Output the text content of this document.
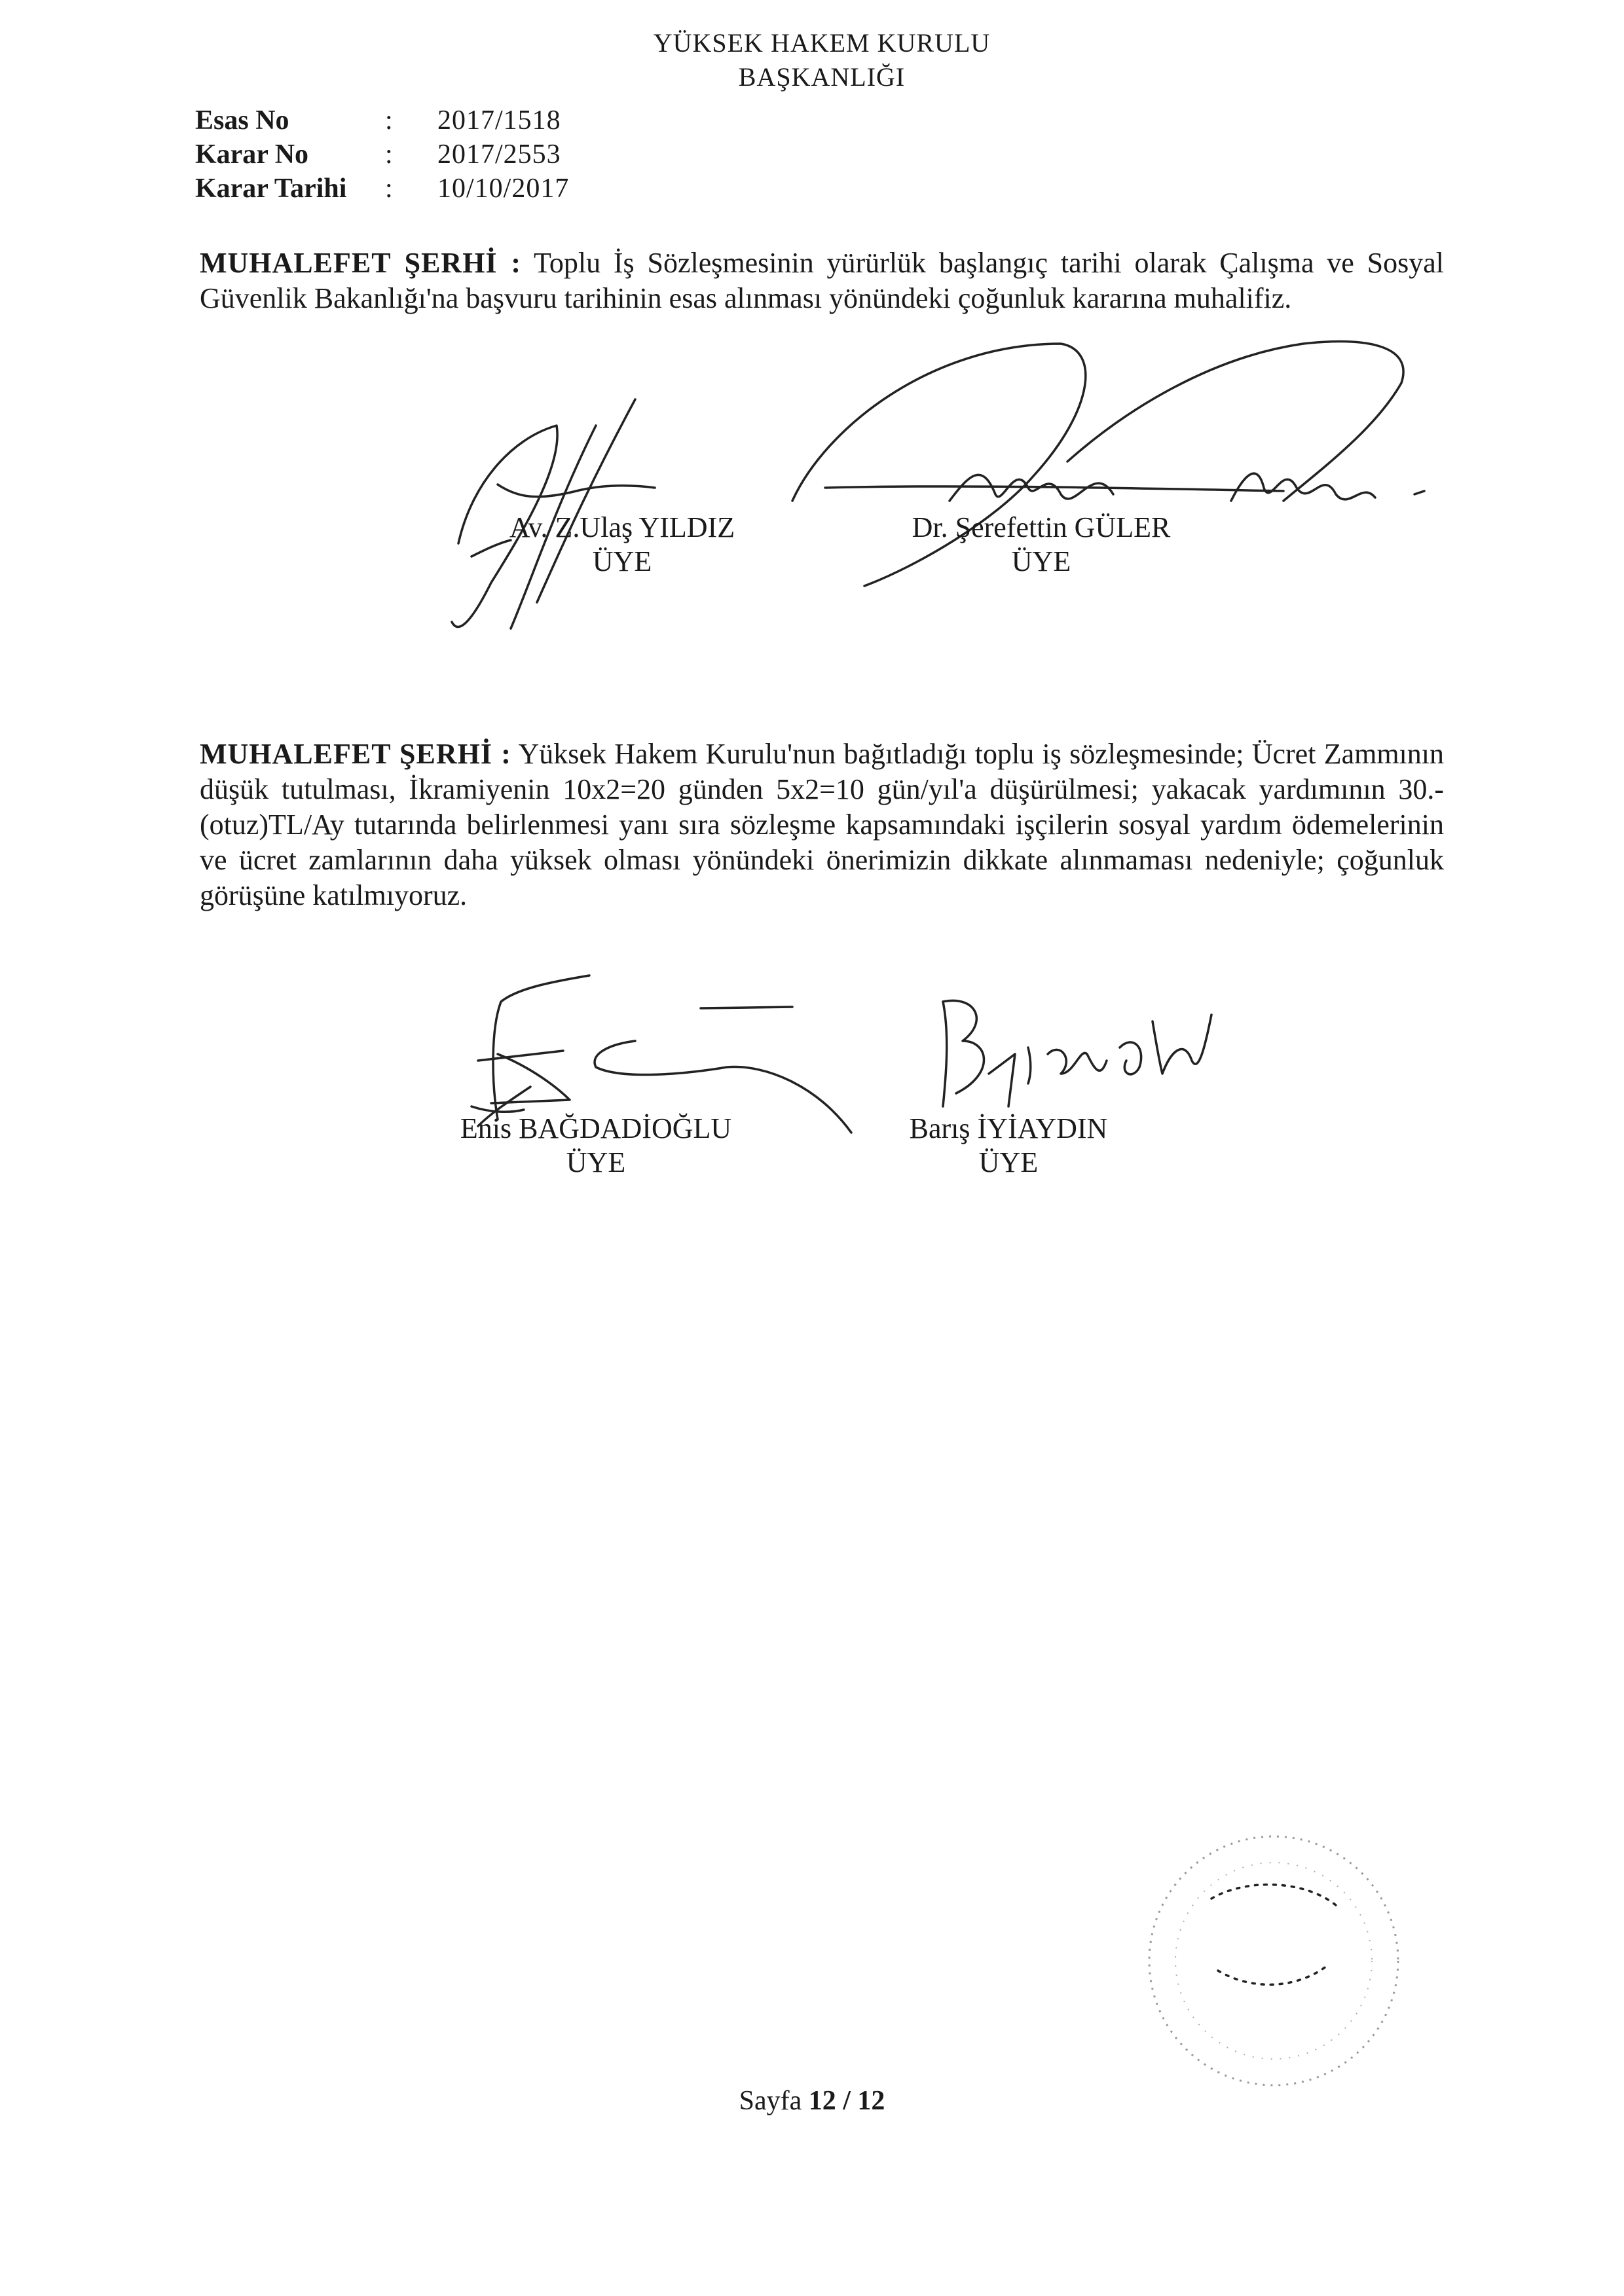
YÜKSEK HAKEM KURULU
BAŞKANLIĞI
Esas No	:	2017/1518
Karar No	:	2017/2553
Karar Tarihi	:	10/10/2017
MUHALEFET ŞERHİ : Toplu İş Sözleşmesinin yürürlük başlangıç tarihi olarak Çalışma ve Sosyal Güvenlik Bakanlığı'na başvuru tarihinin esas alınması yönündeki çoğunluk kararına muhalifiz.
Av. Z.Ulaş YILDIZ
ÜYE
Dr. Şerefettin GÜLER
ÜYE
MUHALEFET ŞERHİ : Yüksek Hakem Kurulu'nun bağıtladığı toplu iş sözleşmesinde; Ücret Zammının düşük tutulması, İkramiyenin 10x2=20 günden 5x2=10 gün/yıl'a düşürülmesi; yakacak yardımının 30.-(otuz)TL/Ay tutarında belirlenmesi yanı sıra sözleşme kapsamındaki işçilerin sosyal yardım ödemelerinin ve ücret zamlarının daha yüksek olması yönündeki önerimizin dikkate alınmaması nedeniyle; çoğunluk görüşüne katılmıyoruz.
Enis BAĞDADİOĞLU
ÜYE
Barış İYİAYDIN
ÜYE
Sayfa 12 / 12
